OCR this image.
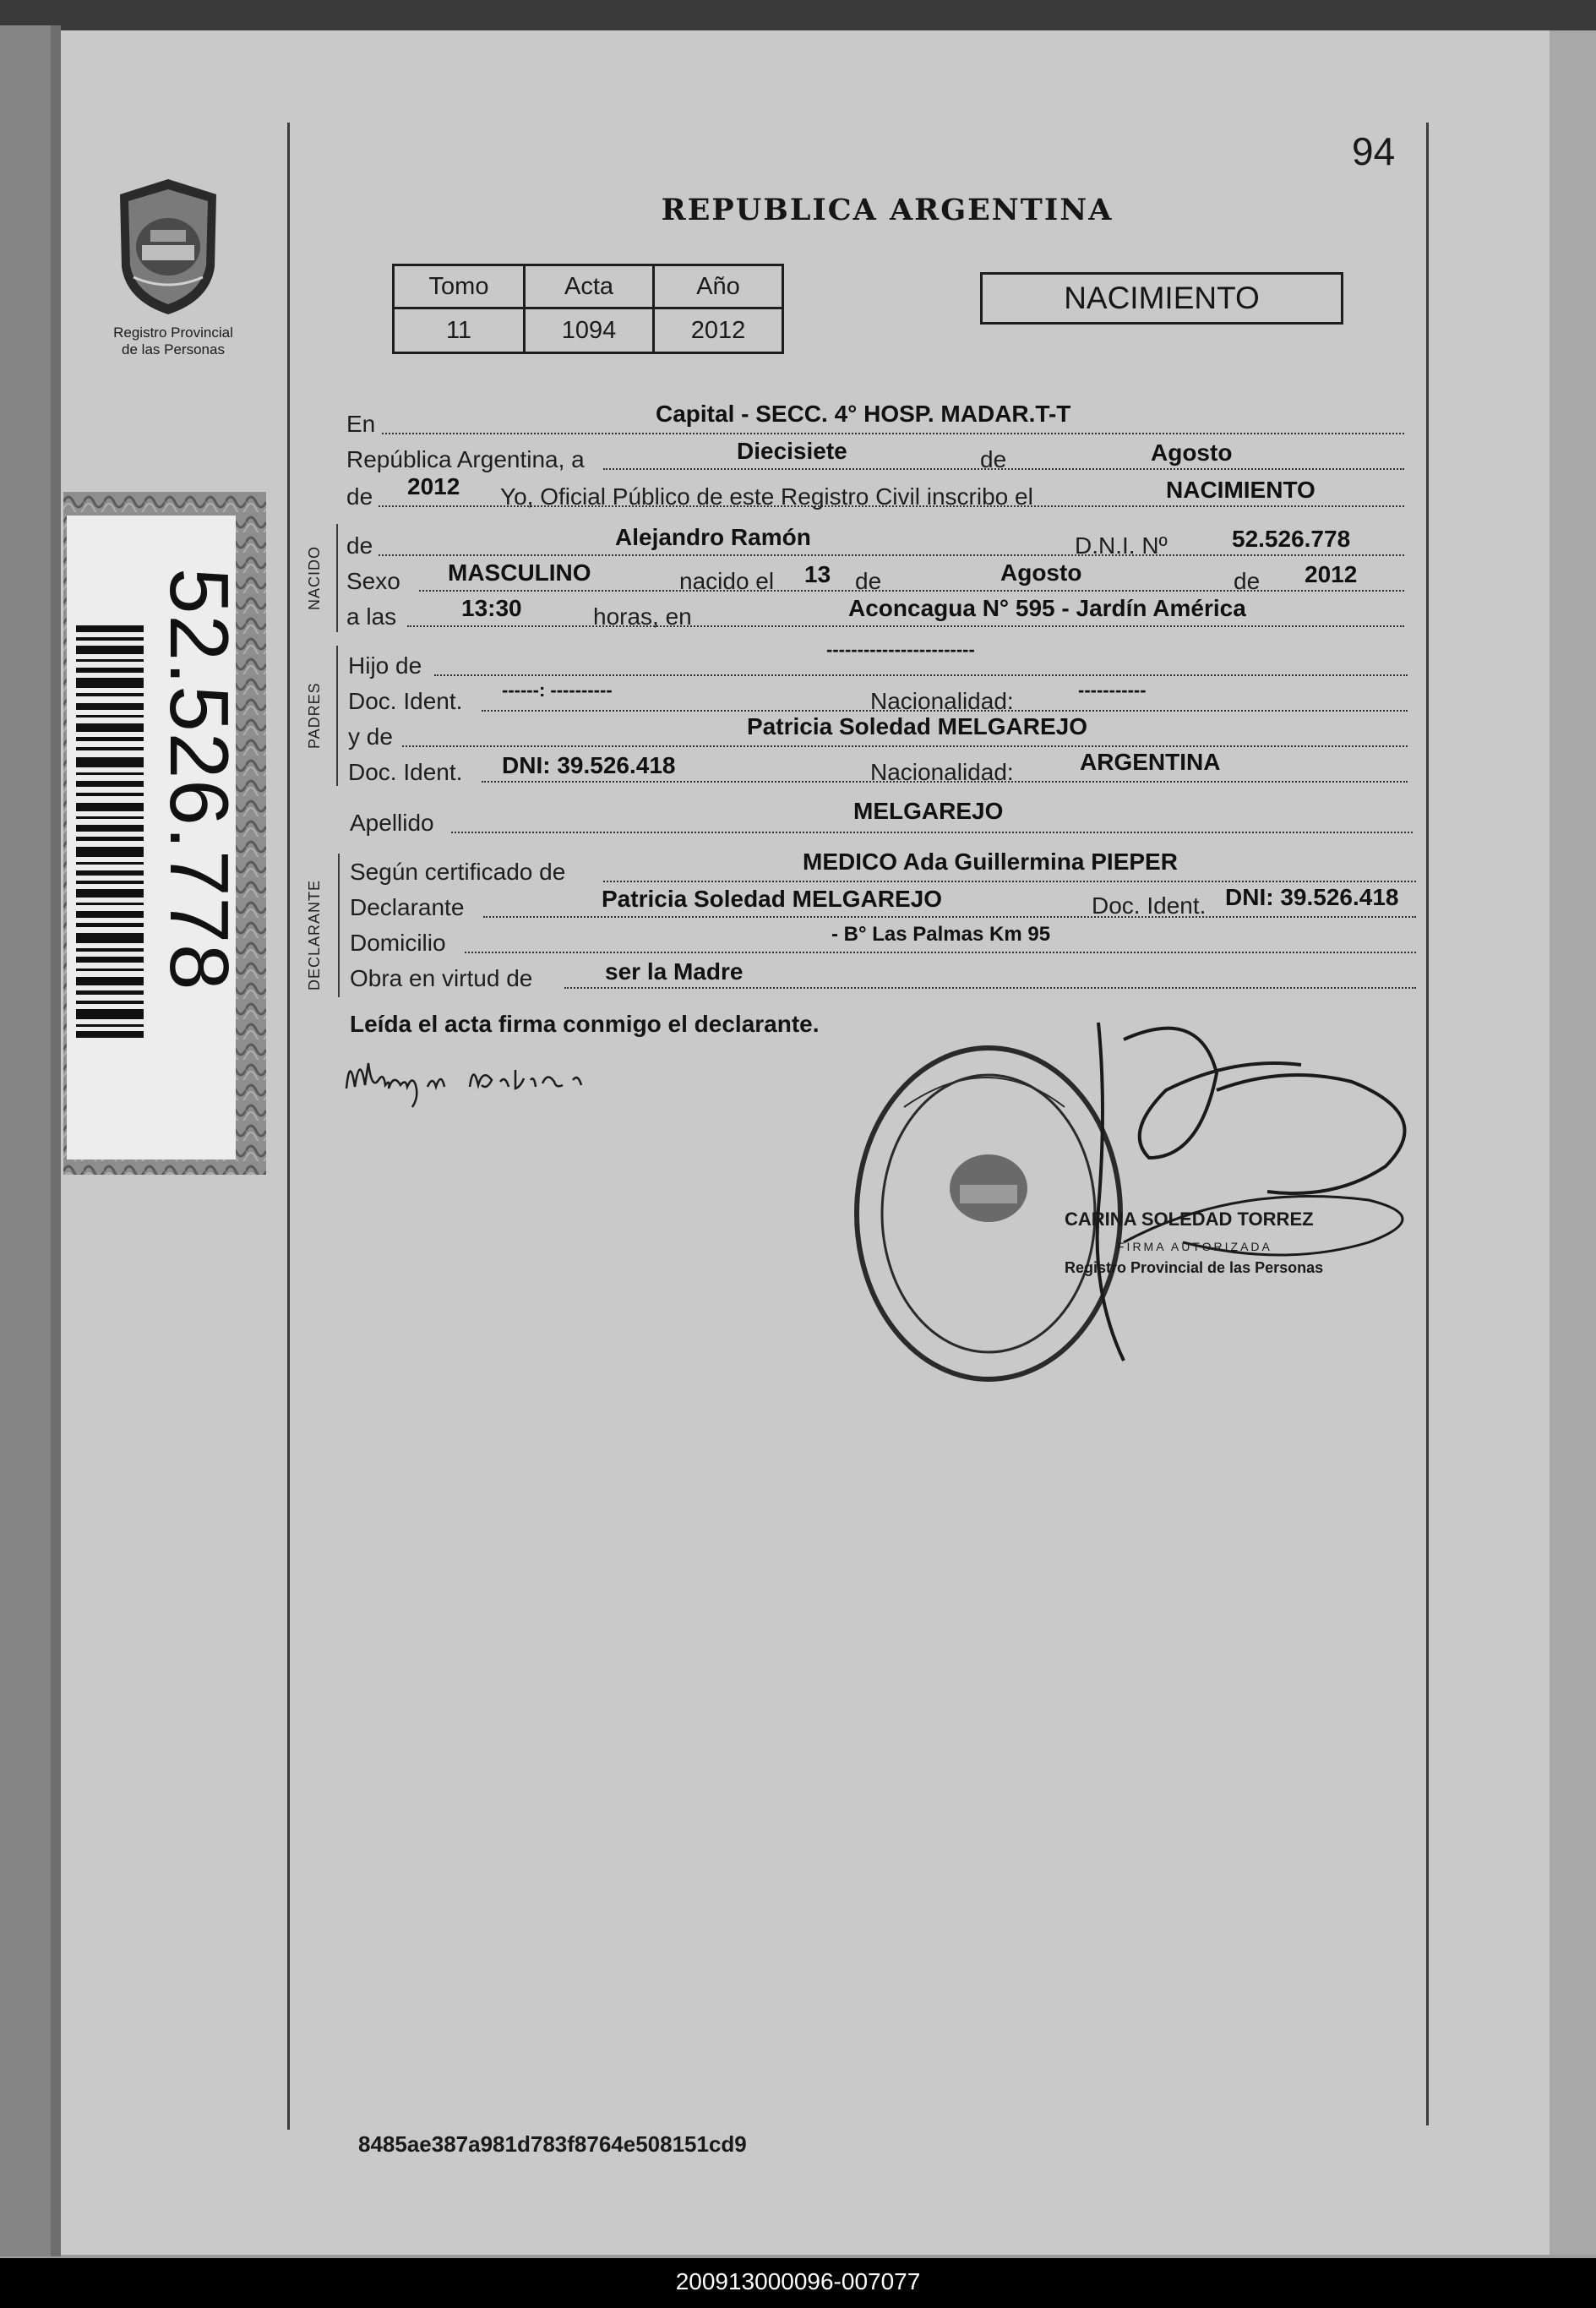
Registro Provincial
de las Personas
52.526.778
94
REPUBLICA ARGENTINA
Tomo	Acta	Año
11	1094	2012
NACIMIENTO
En	Capital - SECC. 4° HOSP. MADAR.T-T
República Argentina, a	Diecisiete	de	Agosto
de 2012 Yo, Oficial Público de este Registro Civil inscribo el	NACIMIENTO
NACIDO
de	Alejandro Ramón	D.N.I. Nº	52.526.778
Sexo MASCULINO	nacido el 13 de	Agosto	de 2012
a las	13:30	horas, en	Aconcagua N° 595 - Jardín América
PADRES
Hijo de
------------------------
Doc. Ident. ------: ----------	Nacionalidad:	-----------
y de	Patricia Soledad MELGAREJO
Doc. Ident. DNI: 39.526.418	Nacionalidad:	ARGENTINA
Apellido	MELGAREJO
DECLARANTE
Según certificado de	MEDICO Ada Guillermina PIEPER
Declarante	Patricia Soledad MELGAREJO	Doc. Ident. DNI: 39.526.418
Domicilio	- B° Las Palmas Km 95
Obra en virtud de	ser la Madre
Leída el acta firma conmigo el declarante.
CARINA SOLEDAD TORREZ
FIRMA AUTORIZADA
Registro Provincial de las Personas
8485ae387a981d783f8764e508151cd9
200913000096-007077
